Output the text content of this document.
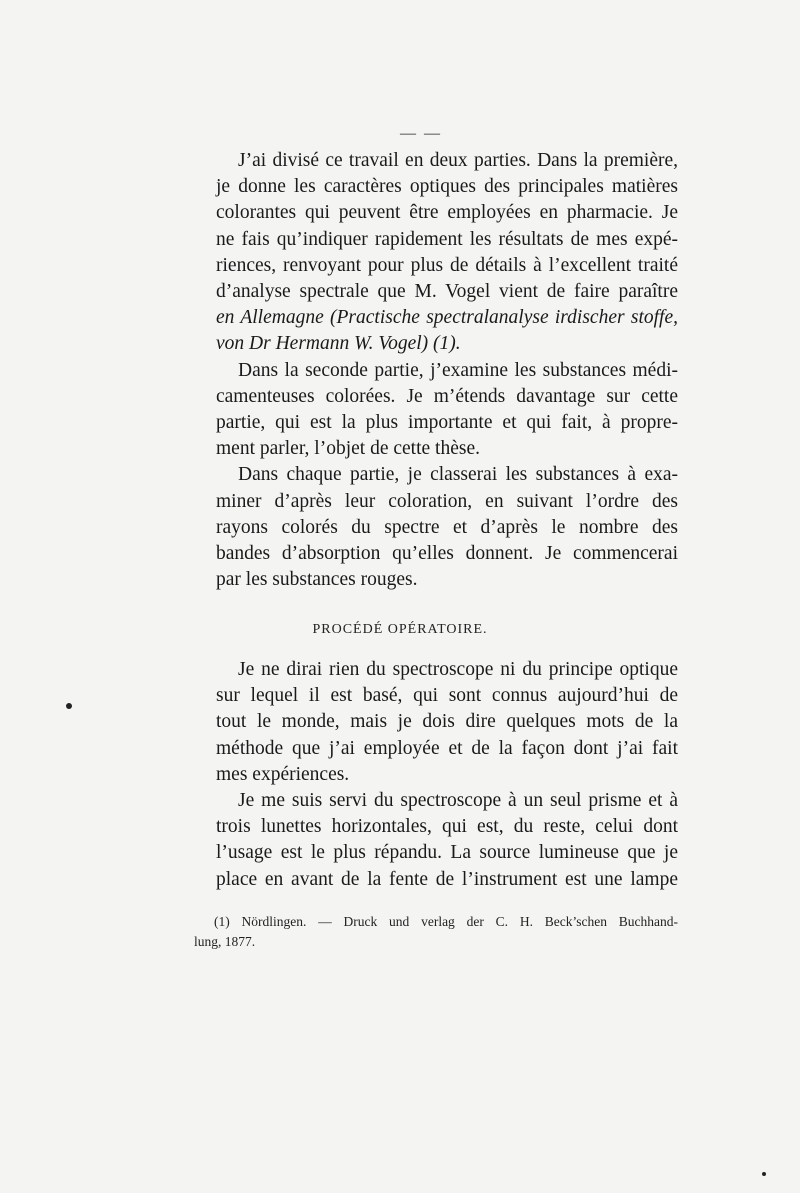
— —
J’ai divisé ce travail en deux parties. Dans la première,
je donne les caractères optiques des principales matières
colorantes qui peuvent être employées en pharmacie. Je
ne fais qu’indiquer rapidement les résultats de mes expé-
riences, renvoyant pour plus de détails à l’excellent traité
d’analyse spectrale que M. Vogel vient de faire paraître
en Allemagne (Practische spectralanalyse irdischer stoffe,
von Dr Hermann W. Vogel) (1).
Dans la seconde partie, j’examine les substances médi-
camenteuses colorées. Je m’étends davantage sur cette
partie, qui est la plus importante et qui fait, à propre-
ment parler, l’objet de cette thèse.
Dans chaque partie, je classerai les substances à exa-
miner d’après leur coloration, en suivant l’ordre des
rayons colorés du spectre et d’après le nombre des
bandes d’absorption qu’elles donnent. Je commencerai
par les substances rouges.
PROCÉDÉ OPÉRATOIRE.
Je ne dirai rien du spectroscope ni du principe optique
sur lequel il est basé, qui sont connus aujourd’hui de
tout le monde, mais je dois dire quelques mots de la
méthode que j’ai employée et de la façon dont j’ai fait
mes expériences.
Je me suis servi du spectroscope à un seul prisme et à
trois lunettes horizontales, qui est, du reste, celui dont
l’usage est le plus répandu. La source lumineuse que je
place en avant de la fente de l’instrument est une lampe
(1) Nördlingen. — Druck und verlag der C. H. Beck’schen Buchhand-
lung, 1877.
